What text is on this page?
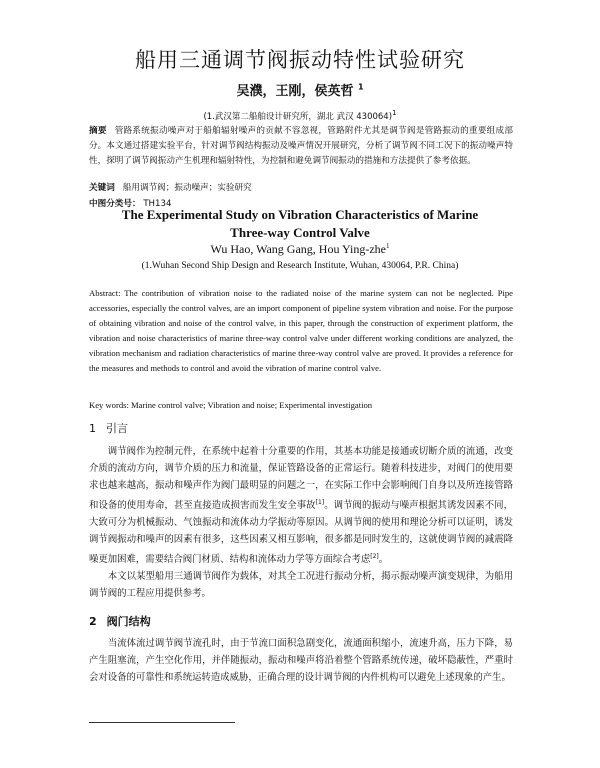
船用三通调节阀振动特性试验研究
吴濮，王刚，侯英哲 $^1$
(1.武汉第二船舶设计研究所，湖北 武汉 430064)$^1$
摘要 管路系统振动噪声对于船舶辐射噪声的贡献不容忽视，管路附件尤其是调节阀是管路振动的重要组成部分。本文通过搭建实验平台，针对调节阀结构振动及噪声情况开展研究，分析了调节阀不同工况下的振动噪声特性，探明了调节阀振动产生机理和辐射特性，为控制和避免调节阀振动的措施和方法提供了参考依据。
关键词 船用调节阀；振动噪声；实验研究
中图分类号： TH134
The Experimental Study on Vibration Characteristics of Marine
Three-way Control Valve
Wu Hao, Wang Gang, Hou Ying-zhe$^1$
(1.Wuhan Second Ship Design and Research Institute, Wuhan, 430064, P.R. China)
Abstract: The contribution of vibration noise to the radiated noise of the marine system can not be neglected. Pipe accessories, especially the control valves, are an import component of pipeline system vibration and noise. For the purpose of obtaining vibration and noise of the control valve, in this paper, through the construction of experiment platform, the vibration and noise characteristics of marine three-way control valve under different working conditions are analyzed, the vibration mechanism and radiation characteristics of marine three-way control valve are proved. It provides a reference for the measures and methods to control and avoid the vibration of marine control valve.
Key words: Marine control valve; Vibration and noise; Experimental investigation
1 引言

调节阀作为控制元件，在系统中起着十分重要的作用，其基本功能是接通或切断介质的流通，改变介质的流动方向，调节介质的压力和流量，保证管路设备的正常运行。随着科技进步，对阀门的使用要求也越来越高，振动和噪声作为阀门最明显的问题之一，在实际工作中会影响阀门自身以及所连接管路和设备的使用寿命，甚至直接造成损害而发生安全事故[1]。调节阀的振动与噪声根据其诱发因素不同，大致可分为机械振动、气蚀振动和流体动力学振动等原因。从调节阀的使用和理论分析可以证明，诱发调节阀振动和噪声的因素有很多，这些因素又相互影响，很多都是同时发生的，这就使调节阀的减震降噪更加困难，需要结合阀门材质、结构和流体动力学等方面综合考虑[2]。

本文以某型船用三通调节阀作为载体，对其全工况进行振动分析，揭示振动噪声演变规律，为船用调节阀的工程应用提供参考。

2 阀门结构

当流体流过调节阀节流孔时，由于节流口面积急剧变化，流通面积缩小，流速升高，压力下降，易产生阻塞流，产生空化作用，并伴随振动，振动和噪声将沿着整个管路系统传递，破坏隐蔽性，严重时会对设备的可靠性和系统运转造成威胁，正确合理的设计调节阀的内件机构可以避免上述现象的产生。
